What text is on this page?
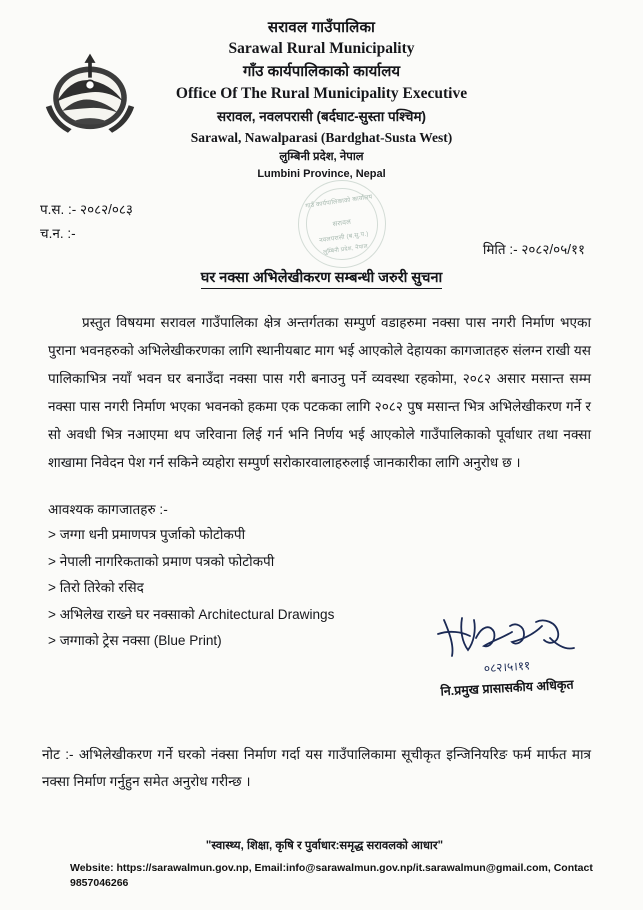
सरावल गाउँपालिका
Sarawal Rural Municipality
गाँउ कार्यपालिकाको कार्यालय
Office Of The Rural Municipality Executive
सरावल, नवलपरासी (बर्दघाट-सुस्ता पश्चिम)
Sarawal, Nawalparasi (Bardghat-Susta West)
लुम्बिनी प्रदेश, नेपाल
Lumbini Province, Nepal
गाउँ कार्यपालिकाको कार्यालय
सरावल
नवलपरासी (ब.सु.प.)
लुम्बिनी प्रदेश, नेपाल
प.स. :- २०८२/०८३
च.न. :-
मिति :- २०८२/०५/११
घर नक्सा अभिलेखीकरण सम्बन्धी जरुरी सुचना

प्रस्तुत विषयमा सरावल गाउँपालिका क्षेत्र अन्तर्गतका सम्पुर्ण वडाहरुमा नक्सा पास नगरी निर्माण भएका पुराना भवनहरुको अभिलेखीकरणका लागि स्थानीयबाट माग भई आएकोले देहायका कागजातहरु संलग्न राखी यस पालिकाभित्र नयाँ भवन घर बनाउँदा नक्सा पास गरी बनाउनु पर्ने व्यवस्था रहकोमा, २०८२ असार मसान्त सम्म नक्सा पास नगरी निर्माण भएका भवनको हकमा एक पटकका लागि २०८२ पुष मसान्त भित्र अभिलेखीकरण गर्ने र सो अवधी भित्र नआएमा थप जरिवाना लिई गर्न भनि निर्णय भई आएकोले गाउँपालिकाको पूर्वाधार तथा नक्सा शाखामा निवेदन पेश गर्न सकिने व्यहोरा सम्पुर्ण सरोकारवालाहरुलाई जानकारीका लागि अनुरोध छ ।

आवश्यक कागजातहरु :-
> जग्गा धनी प्रमाणपत्र पुर्जाको फोटोकपी
> नेपाली नागरिकताको प्रमाण पत्रको फोटोकपी
> तिरो तिरेको रसिद
> अभिलेख राख्ने घर नक्साको Architectural Drawings
> जग्गाको ट्रेस नक्सा (Blue Print)
०८२।५।११
नि.प्रमुख प्रासासकीय अधिकृत

नोट :- अभिलेखीकरण गर्ने घरको नंक्सा निर्माण गर्दा यस गाउँपालिकामा सूचीकृत इन्जिनियरिङ फर्म मार्फत मात्र नक्सा निर्माण गर्नुहुन समेत अनुरोध गरीन्छ ।

"स्वास्थ्य, शिक्षा, कृषि र पुर्वाधार:समृद्ध सरावलको आधार"
Website: https://sarawalmun.gov.np, Email:info@sarawalmun.gov.np/it.sarawalmun@gmail.com, Contact 9857046266
